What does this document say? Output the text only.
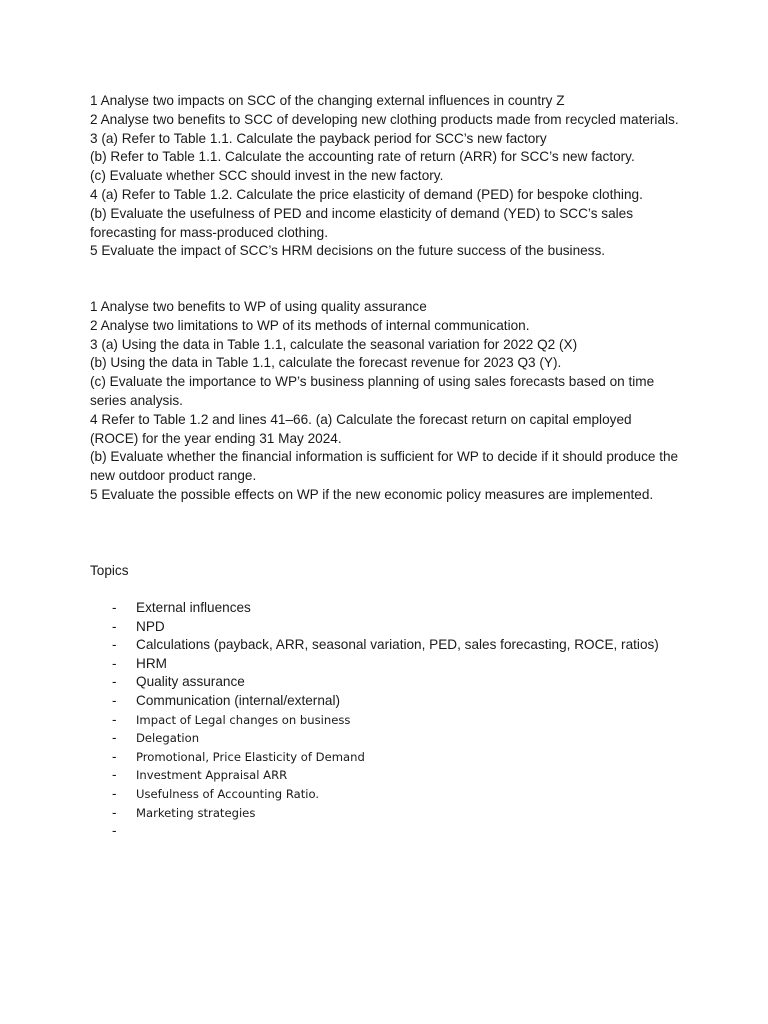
1 Analyse two impacts on SCC of the changing external influences in country Z
2 Analyse two benefits to SCC of developing new clothing products made from recycled materials.
3 (a) Refer to Table 1.1. Calculate the payback period for SCC’s new factory
(b) Refer to Table 1.1. Calculate the accounting rate of return (ARR) for SCC’s new factory.
(c) Evaluate whether SCC should invest in the new factory.
4 (a) Refer to Table 1.2. Calculate the price elasticity of demand (PED) for bespoke clothing.
(b) Evaluate the usefulness of PED and income elasticity of demand (YED) to SCC’s sales forecasting for mass-produced clothing.
5 Evaluate the impact of SCC’s HRM decisions on the future success of the business.
1 Analyse two benefits to WP of using quality assurance
2 Analyse two limitations to WP of its methods of internal communication.
3 (a) Using the data in Table 1.1, calculate the seasonal variation for 2022 Q2 (X)
(b) Using the data in Table 1.1, calculate the forecast revenue for 2023 Q3 (Y).
(c) Evaluate the importance to WP’s business planning of using sales forecasts based on time series analysis.
4 Refer to Table 1.2 and lines 41–66. (a) Calculate the forecast return on capital employed (ROCE) for the year ending 31 May 2024.
(b) Evaluate whether the financial information is sufficient for WP to decide if it should produce the new outdoor product range.
5 Evaluate the possible effects on WP if the new economic policy measures are implemented.
Topics
- External influences
- NPD
- Calculations (payback, ARR, seasonal variation, PED, sales forecasting, ROCE, ratios)
- HRM
- Quality assurance
- Communication (internal/external)
- Impact of Legal changes on business
- Delegation
- Promotional, Price Elasticity of Demand
- Investment Appraisal ARR
- Usefulness of Accounting Ratio.
- Marketing strategies
-
